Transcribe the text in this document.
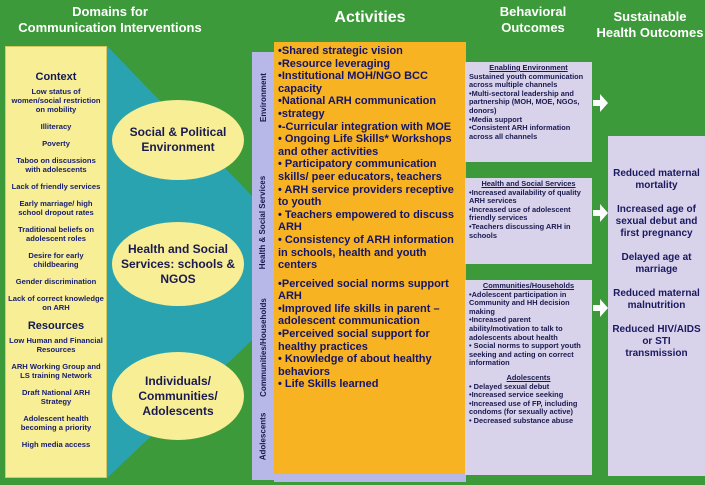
Domains for
Communication Interventions
Activities	Behavioral
Outcomes
Sustainable
Health Outcomes
Context
Low status of women/social restriction on mobility
Illiteracy
Poverty
Taboo on discussions with adolescents
Lack of friendly services
Early marriage/ high school dropout rates
Traditional beliefs on adolescent roles
Desire for early childbearing
Gender discrimination
Lack of correct knowledge on ARH
Resources
Low Human and Financial Resources
ARH Working Group and LS training Network
Draft National ARH Strategy
Adolescent health becoming a priority
High media access
Social & Political Environment
Health and Social Services: schools & NGOS
Individuals/ Communities/ Adolescents
Environment
Health & Social Services
Communities/Households
Adolescents
•Shared strategic vision
•Resource leveraging
•Institutional MOH/NGO BCC capacity
•National ARH communication
•strategy
•-Curricular integration with MOE
• Ongoing Life Skills* Workshops and other activities
• Participatory communication skills/ peer educators, teachers
• ARH service providers receptive to youth
• Teachers empowered to discuss ARH
• Consistency of ARH information in schools, health and youth centers
•Perceived social norms support ARH
•Improved life skills in parent – adolescent communication
•Perceived social support for healthy practices
• Knowledge of about healthy behaviors
• Life Skills learned
Enabling Environment
Sustained youth communication across multiple channels
•Multi-sectoral leadership and partnership (MOH, MOE, NGOs, donors)
•Media support
•Consistent ARH information across all channels
Health and Social Services
•Increased availability of quality ARH services
•Increased use of adolescent friendly services
•Teachers discussing ARH in schools
Communities/Households
•Adolescent participation in Community and HH decision making
•Increased parent ability/motivation to talk to adolescents about health
• Social norms to support youth seeking and acting on correct information
Adolescents
• Delayed sexual debut
•Increased service seeking
•Increased use of FP, including condoms (for sexually active)
• Decreased substance abuse
Reduced maternal mortality
Increased age of sexual debut and first pregnancy
Delayed age at marriage
Reduced maternal malnutrition
Reduced HIV/AIDS or STI transmission
